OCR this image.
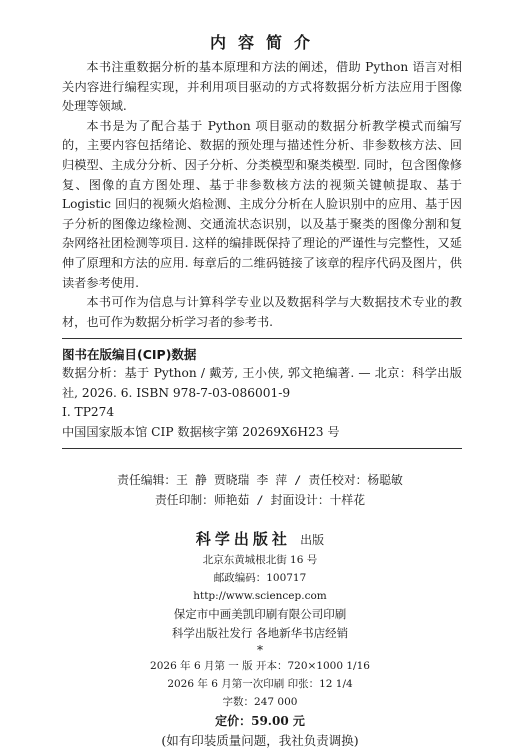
内容简介

本书注重数据分析的基本原理和方法的阐述，借助 Python 语言对相关内容进行编程实现，并利用项目驱动的方式将数据分析方法应用于图像处理等领域.

本书是为了配合基于 Python 项目驱动的数据分析教学模式而编写的，主要内容包括绪论、数据的预处理与描述性分析、非参数核方法、回归模型、主成分分析、因子分析、分类模型和聚类模型. 同时，包含图像修复、图像的直方图处理、基于非参数核方法的视频关键帧提取、基于 Logistic 回归的视频火焰检测、主成分分析在人脸识别中的应用、基于因子分析的图像边缘检测、交通流状态识别，以及基于聚类的图像分割和复杂网络社团检测等项目. 这样的编排既保持了理论的严谨性与完整性，又延伸了原理和方法的应用. 每章后的二维码链接了该章的程序代码及图片，供读者参考使用.

本书可作为信息与计算科学专业以及数据科学与大数据技术专业的教材，也可作为数据分析学习者的参考书.

图书在版编目(CIP)数据
数据分析：基于 Python / 戴芳, 王小侠, 郭文艳编著. — 北京：科学出版社, 2026. 6. ISBN 978-7-03-086001-9
Ⅰ. TP274
中国国家版本馆 CIP 数据核字第 20269X6H23 号
责任编辑：王 静 贾晓瑞 李 萍 / 责任校对：杨聪敏
责任印制：师艳茹 / 封面设计：十样花
科学出版社 出版
北京东黄城根北街 16 号
邮政编码：100717
http://www.sciencep.com
保定市中画美凯印刷有限公司印刷
科学出版社发行 各地新华书店经销
*
2026 年 6 月第 一 版 开本：720×1000 1/16
2026 年 6 月第一次印刷 印张：12 1/4
字数：247 000
定价：59.00 元
(如有印装质量问题，我社负责调换)
